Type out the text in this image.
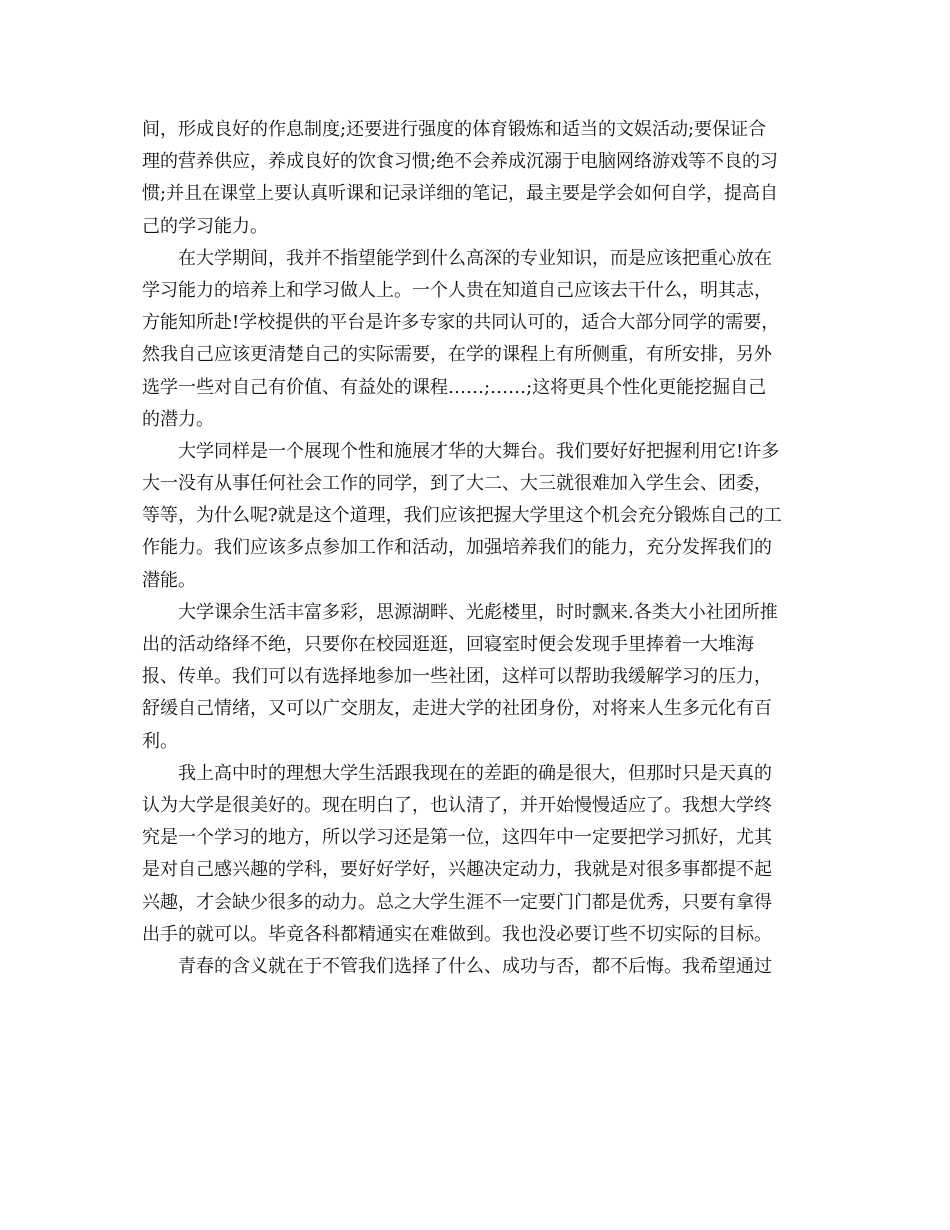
间，形成良好的作息制度;还要进行强度的体育锻炼和适当的文娱活动;要保证合
理的营养供应，养成良好的饮食习惯;绝不会养成沉溺于电脑网络游戏等不良的习
惯;并且在课堂上要认真听课和记录详细的笔记，最主要是学会如何自学，提高自
己的学习能力。
在大学期间，我并不指望能学到什么高深的专业知识，而是应该把重心放在
学习能力的培养上和学习做人上。一个人贵在知道自己应该去干什么，明其志，
方能知所赴!学校提供的平台是许多专家的共同认可的，适合大部分同学的需要，
然我自己应该更清楚自己的实际需要，在学的课程上有所侧重，有所安排，另外
选学一些对自己有价值、有益处的课程……;……;这将更具个性化更能挖掘自己
的潜力。
大学同样是一个展现个性和施展才华的大舞台。我们要好好把握利用它!许多
大一没有从事任何社会工作的同学，到了大二、大三就很难加入学生会、团委，
等等，为什么呢?就是这个道理，我们应该把握大学里这个机会充分锻炼自己的工
作能力。我们应该多点参加工作和活动，加强培养我们的能力，充分发挥我们的
潜能。
大学课余生活丰富多彩，思源湖畔、光彪楼里，时时飘来.各类大小社团所推
出的活动络绎不绝，只要你在校园逛逛，回寝室时便会发现手里捧着一大堆海
报、传单。我们可以有选择地参加一些社团，这样可以帮助我缓解学习的压力，
舒缓自己情绪，又可以广交朋友，走进大学的社团身份，对将来人生多元化有百
利。
我上高中时的理想大学生活跟我现在的差距的确是很大，但那时只是天真的
认为大学是很美好的。现在明白了，也认清了，并开始慢慢适应了。我想大学终
究是一个学习的地方，所以学习还是第一位，这四年中一定要把学习抓好，尤其
是对自己感兴趣的学科，要好好学好，兴趣决定动力，我就是对很多事都提不起
兴趣，才会缺少很多的动力。总之大学生涯不一定要门门都是优秀，只要有拿得
出手的就可以。毕竟各科都精通实在难做到。我也没必要订些不切实际的目标。
青春的含义就在于不管我们选择了什么、成功与否，都不后悔。我希望通过
